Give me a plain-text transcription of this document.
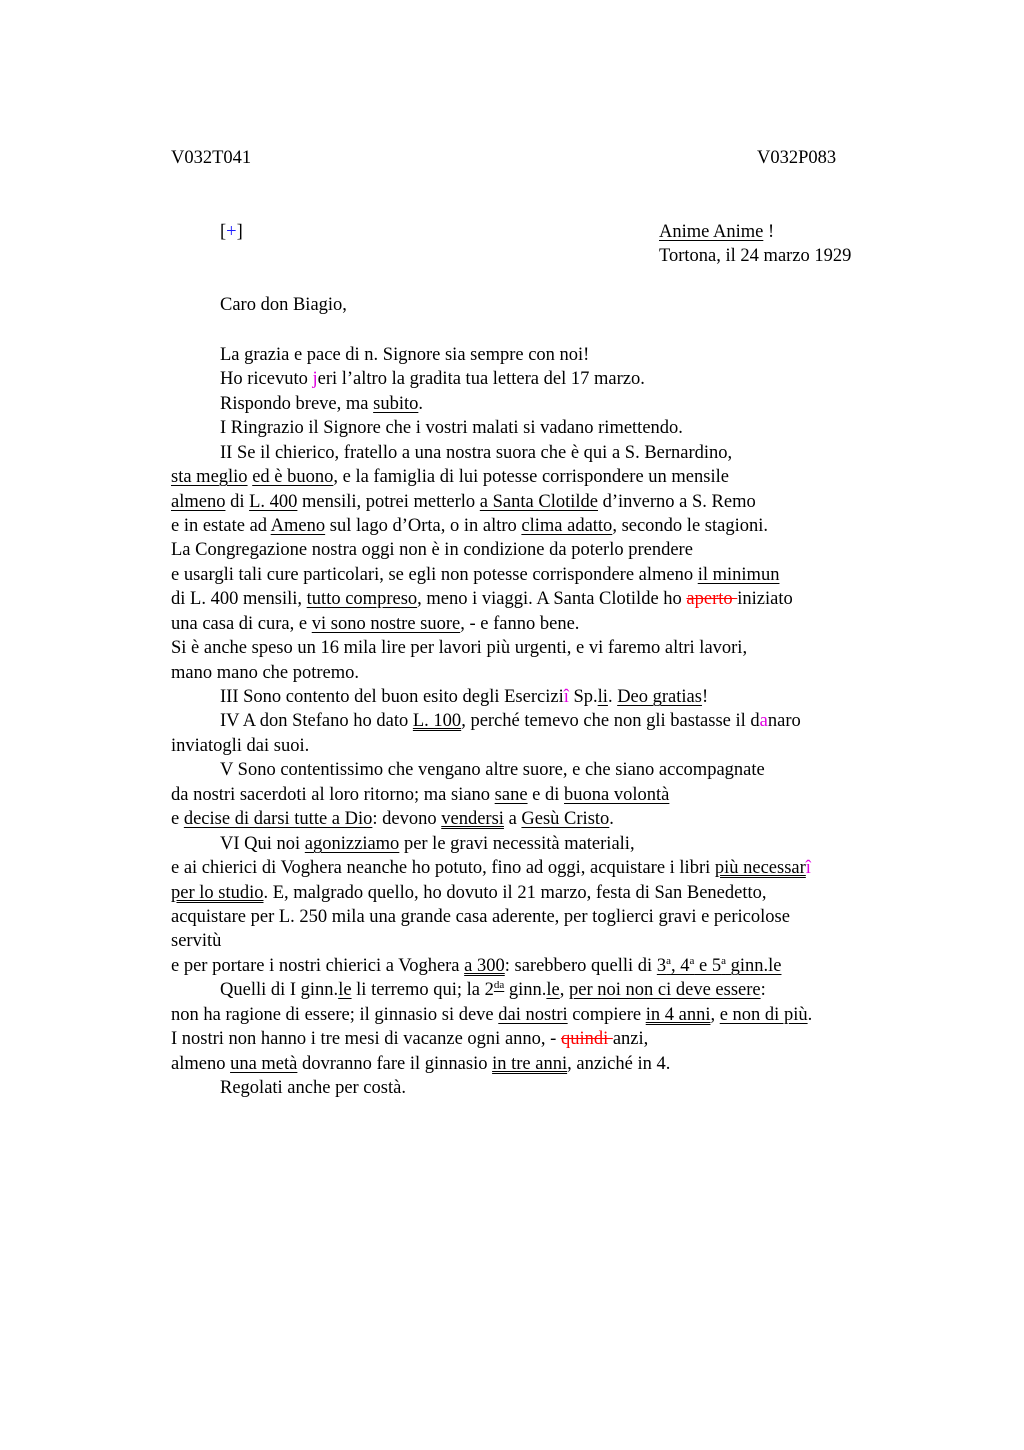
V032T041	V032P083
[+]	Anime Anime !
Tortona, il 24 marzo 1929
Caro don Biagio,
La grazia e pace di n. Signore sia sempre con noi!
Ho ricevuto jeri l’altro la gradita tua lettera del 17 marzo.
Rispondo breve, ma subito.
I Ringrazio il Signore che i vostri malati si vadano rimettendo.
II Se il chierico, fratello a una nostra suora che è qui a S. Bernardino,
sta meglio ed è buono, e la famiglia di lui potesse corrispondere un mensile
almeno di L. 400 mensili, potrei metterlo a Santa Clotilde d’inverno a S. Remo
e in estate ad Ameno sul lago d’Orta, o in altro clima adatto, secondo le stagioni.
La Congregazione nostra oggi non è in condizione da poterlo prendere
e usargli tali cure particolari, se egli non potesse corrispondere almeno il minimun
di L. 400 mensili, tutto compreso, meno i viaggi. A Santa Clotilde ho aperto iniziato
una casa di cura, e vi sono nostre suore, - e fanno bene.
Si è anche speso un 16 mila lire per lavori più urgenti, e vi faremo altri lavori,
mano mano che potremo.
III Sono contento del buon esito degli Eserciziî Sp.li. Deo gratias!
IV A don Stefano ho dato L. 100, perché temevo che non gli bastasse il danaro
inviatogli dai suoi.
V Sono contentissimo che vengano altre suore, e che siano accompagnate
da nostri sacerdoti al loro ritorno; ma siano sane e di buona volontà
e decise di darsi tutte a Dio: devono vendersi a Gesù Cristo.
VI Qui noi agonizziamo per le gravi necessità materiali,
e ai chierici di Voghera neanche ho potuto, fino ad oggi, acquistare i libri più necessarî
per lo studio. E, malgrado quello, ho dovuto il 21 marzo, festa di San Benedetto,
acquistare per L. 250 mila una grande casa aderente, per toglierci gravi e pericolose
servitù
e per portare i nostri chierici a Voghera a 300: sarebbero quelli di 3$^a$, 4$^a$ e 5$^a$ ginn.le
Quelli di I ginn.le li terremo qui; la $2^{da}$ ginn.le, per noi non ci deve essere:
non ha ragione di essere; il ginnasio si deve dai nostri compiere in 4 anni, e non di più.
I nostri non hanno i tre mesi di vacanze ogni anno, - quindi anzi,
almeno una metà dovranno fare il ginnasio in tre anni, anziché in 4.
Regolati anche per costà.
